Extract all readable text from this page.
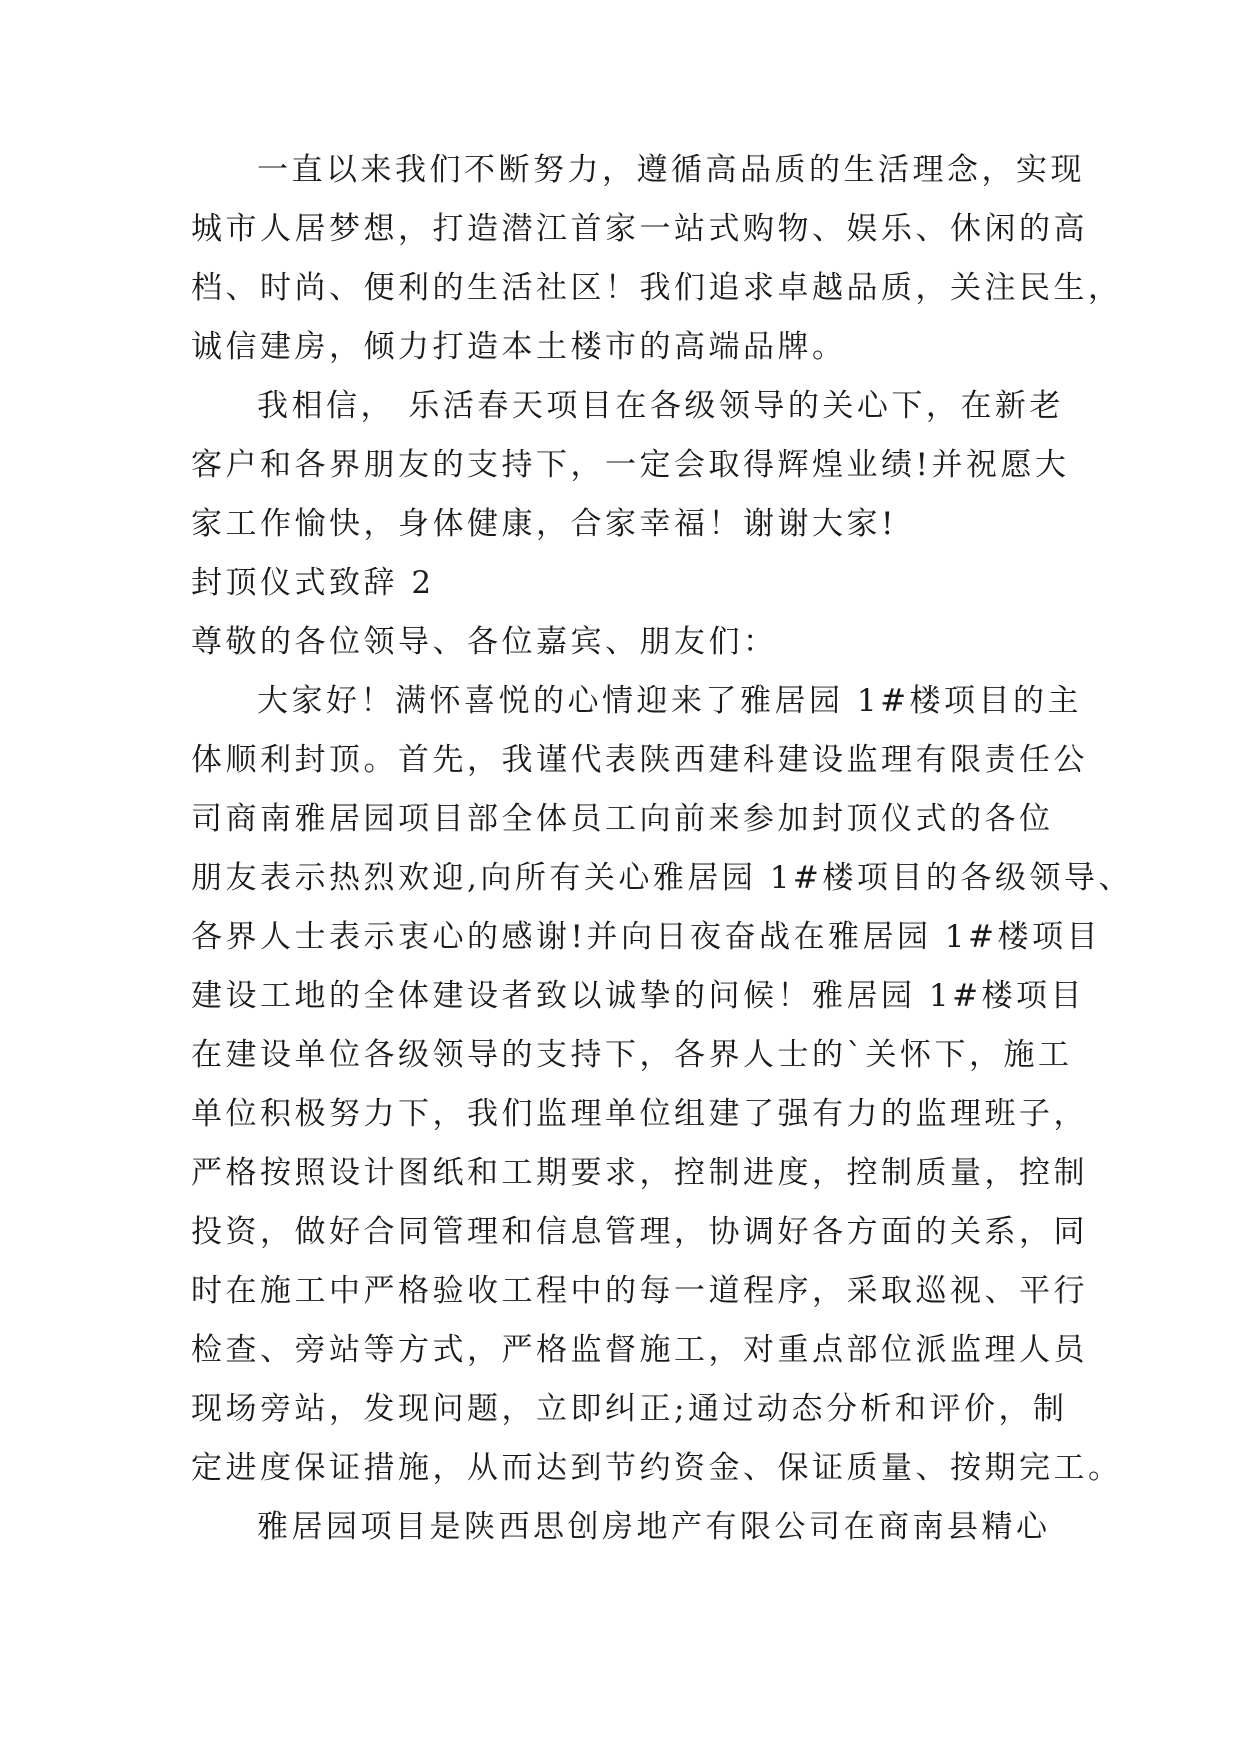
一直以来我们不断努力，遵循高品质的生活理念，实现
城市人居梦想，打造潜江首家一站式购物、娱乐、休闲的高
档、时尚、便利的生活社区！我们追求卓越品质，关注民生，
诚信建房，倾力打造本土楼市的高端品牌。
我相信， 乐活春天项目在各级领导的关心下，在新老
客户和各界朋友的支持下，一定会取得辉煌业绩!并祝愿大
家工作愉快，身体健康，合家幸福！谢谢大家!
封顶仪式致辞 2
尊敬的各位领导、各位嘉宾、朋友们：
大家好！满怀喜悦的心情迎来了雅居园 1#楼项目的主
体顺利封顶。首先，我谨代表陕西建科建设监理有限责任公
司商南雅居园项目部全体员工向前来参加封顶仪式的各位
朋友表示热烈欢迎,向所有关心雅居园 1#楼项目的各级领导、
各界人士表示衷心的感谢!并向日夜奋战在雅居园 1#楼项目
建设工地的全体建设者致以诚挚的问候！雅居园 1#楼项目
在建设单位各级领导的支持下，各界人士的`关怀下，施工
单位积极努力下，我们监理单位组建了强有力的监理班子，
严格按照设计图纸和工期要求，控制进度，控制质量，控制
投资，做好合同管理和信息管理，协调好各方面的关系，同
时在施工中严格验收工程中的每一道程序，采取巡视、平行
检查、旁站等方式，严格监督施工，对重点部位派监理人员
现场旁站，发现问题，立即纠正;通过动态分析和评价，制
定进度保证措施，从而达到节约资金、保证质量、按期完工。
雅居园项目是陕西思创房地产有限公司在商南县精心
